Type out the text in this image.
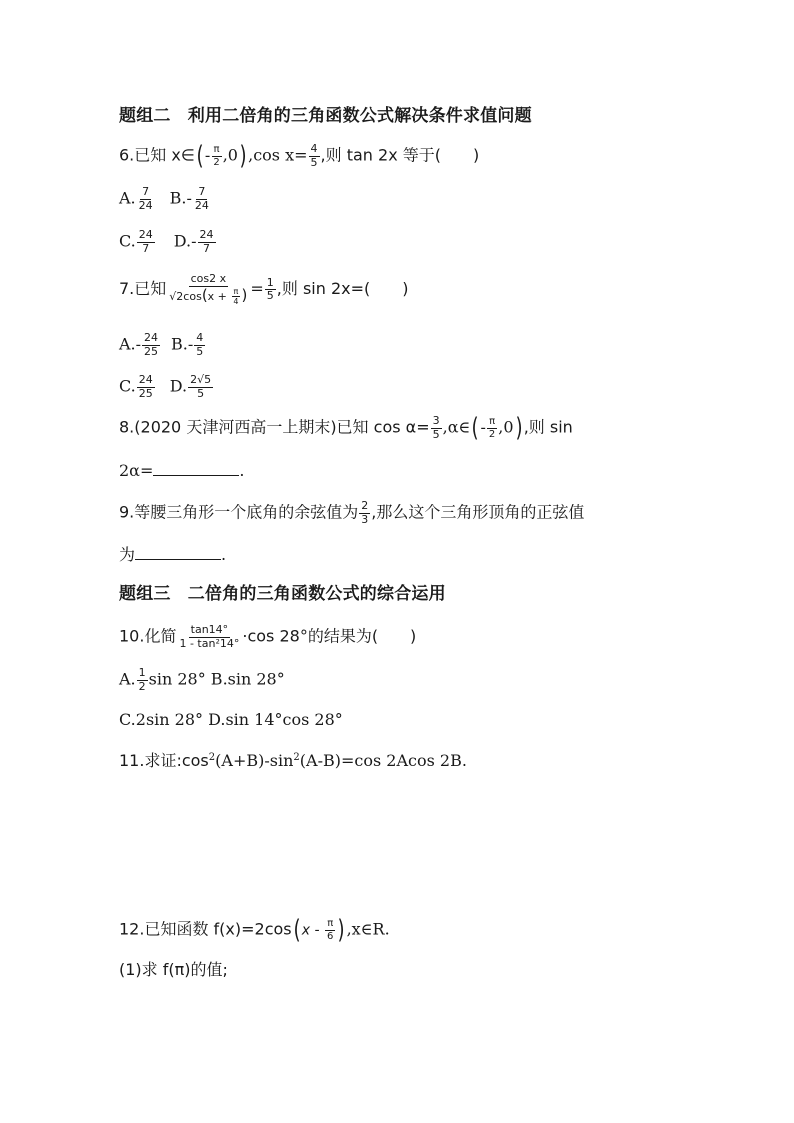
题组二　利用二倍角的三角函数公式解决条件求值问题
6.已知 x∈(- $\frac{\pi}{2} ,0),\cos$ $x= \frac{4}{5}$ ,则 tan 2x 等于(　　)
A. $\frac{7}{24} B.- \frac{7}{24}$
C. $\frac{24}{7} D.- \frac{24}{7}$
7.已知 $\frac{\cos 2 x}{√2\cos(x + \frac{\pi}{4} )} = \frac{1}{5}$ ,则 sin 2x=(　　)
$A.- \frac{24}{25} B.- \frac{4}{5}$
C. $\frac{24}{25} D$. $\frac{2√5}{5}$
8.(2020 天津河西高一上期末)已知 $\cos \alpha= \frac{3}{5}$ ,α∈(- $\frac{\pi}{2} ,0$),则 sin
2α=	.
9.等腰三角形一个底角的余弦值为 $\frac{2}{3}$ ,那么这个三角形顶角的正弦值
为	.
题组三　二倍角的三角函数公式的综合运用
10.化简 $\frac{\tan 14^\circ}{\text{1 - tan²14°}} \cdot\cos$ 28°的结果为(　　)
A. $\frac{1}{2}$ sin 28° B.sin 28°
C.2sin 28° D.sin 14°cos 28°
11.求证$:\cos^2(A+B)-\sin^2(A-B)=\cos$ 2Acos 2B.
12.已知函数 f(x)=2cos( x - $\frac{\pi}{6}$ ),x∈R.
(1)求 f(π)的值;
